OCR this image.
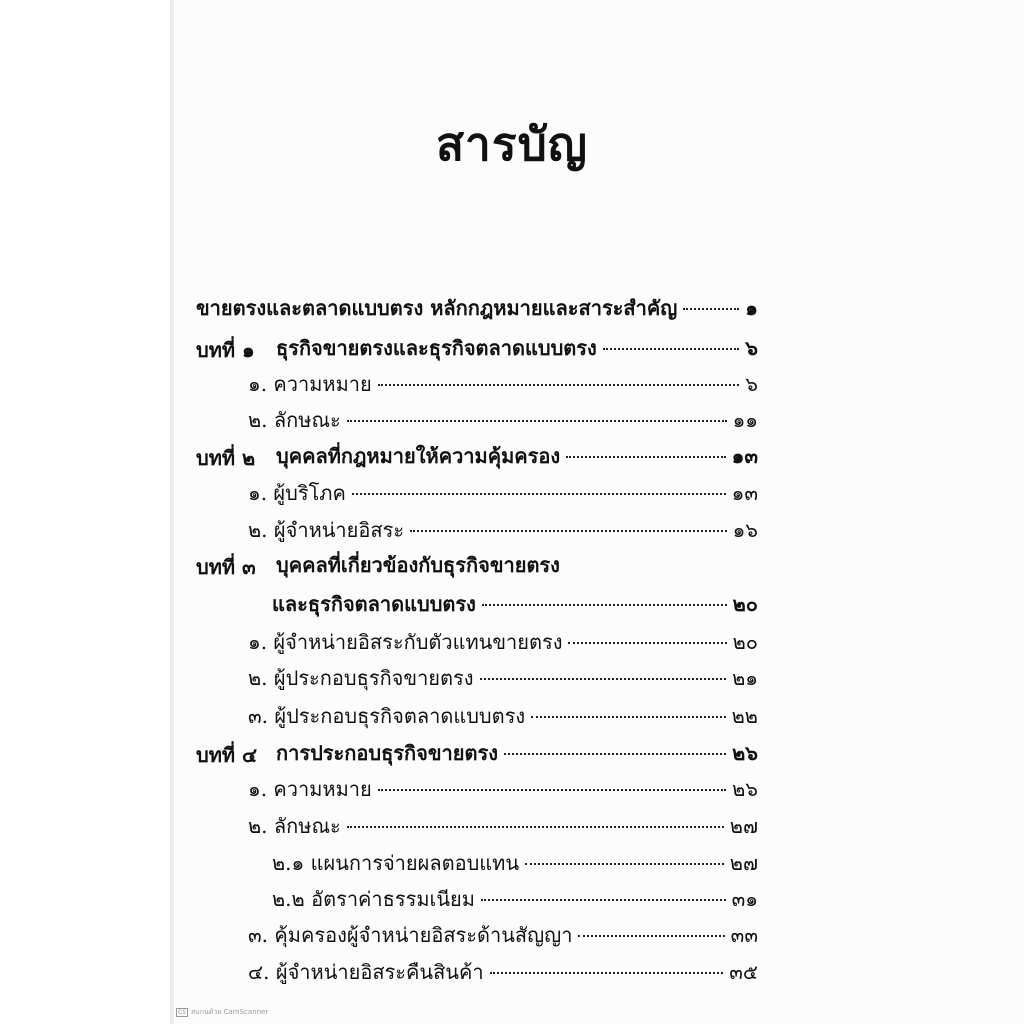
สารบัญ
ขายตรงและตลาดแบบตรง หลักกฎหมายและสาระสำคัญ	๑
บทที่ ๑ ธุรกิจขายตรงและธุรกิจตลาดแบบตรง	๖
๑. ความหมาย	๖
๒. ลักษณะ	๑๑
บทที่ ๒ บุคคลที่กฎหมายให้ความคุ้มครอง	๑๓
๑. ผู้บริโภค	๑๓
๒. ผู้จำหน่ายอิสระ	๑๖
บทที่ ๓ บุคคลที่เกี่ยวข้องกับธุรกิจขายตรง
และธุรกิจตลาดแบบตรง	๒๐
๑. ผู้จำหน่ายอิสระกับตัวแทนขายตรง	๒๐
๒. ผู้ประกอบธุรกิจขายตรง	๒๑
๓. ผู้ประกอบธุรกิจตลาดแบบตรง	๒๒
บทที่ ๔ การประกอบธุรกิจขายตรง	๒๖
๑. ความหมาย	๒๖
๒. ลักษณะ	๒๗
๒.๑ แผนการจ่ายผลตอบแทน	๒๗
๒.๒ อัตราค่าธรรมเนียม	๓๑
๓. คุ้มครองผู้จำหน่ายอิสระด้านสัญญา	๓๓
๔. ผู้จำหน่ายอิสระคืนสินค้า	๓๕
CS สแกนด้วย CamScanner
